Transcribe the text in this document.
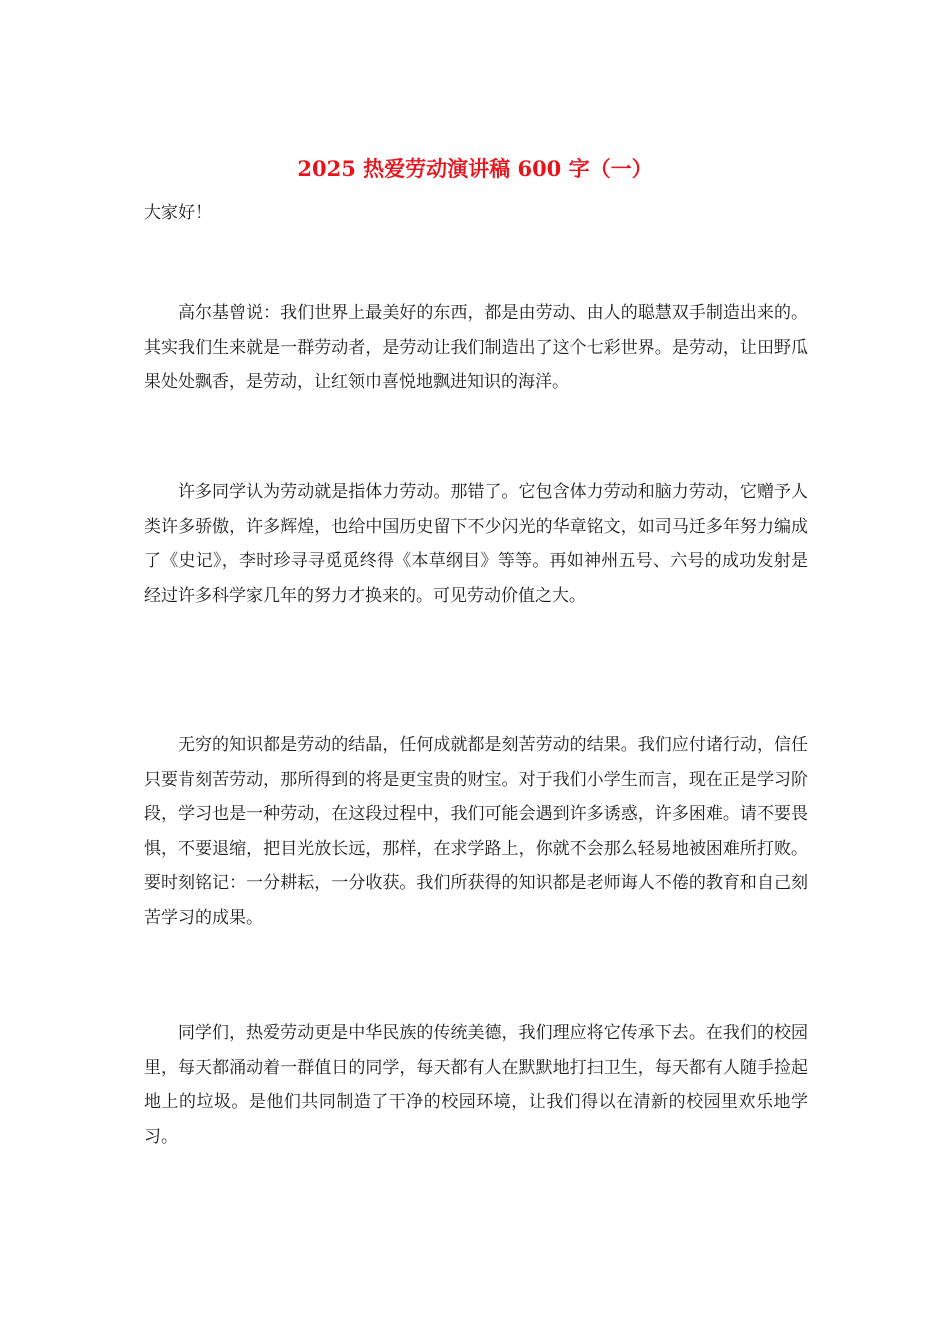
2025 热爱劳动演讲稿 600 字（一）

大家好！

高尔基曾说：我们世界上最美好的东西，都是由劳动、由人的聪慧双手制造出来的。其实我们生来就是一群劳动者，是劳动让我们制造出了这个七彩世界。是劳动，让田野瓜果处处飘香，是劳动，让红领巾喜悦地飘进知识的海洋。

许多同学认为劳动就是指体力劳动。那错了。它包含体力劳动和脑力劳动，它赠予人类许多骄傲，许多辉煌，也给中国历史留下不少闪光的华章铭文，如司马迁多年努力编成了《史记》，李时珍寻寻觅觅终得《本草纲目》等等。再如神州五号、六号的成功发射是经过许多科学家几年的努力才换来的。可见劳动价值之大。

无穷的知识都是劳动的结晶，任何成就都是刻苦劳动的结果。我们应付诸行动，信任只要肯刻苦劳动，那所得到的将是更宝贵的财宝。对于我们小学生而言，现在正是学习阶段，学习也是一种劳动，在这段过程中，我们可能会遇到许多诱惑，许多困难。请不要畏惧，不要退缩，把目光放长远，那样，在求学路上，你就不会那么轻易地被困难所打败。要时刻铭记：一分耕耘，一分收获。我们所获得的知识都是老师诲人不倦的教育和自己刻苦学习的成果。

同学们，热爱劳动更是中华民族的传统美德，我们理应将它传承下去。在我们的校园里，每天都涌动着一群值日的同学，每天都有人在默默地打扫卫生，每天都有人随手捡起地上的垃圾。是他们共同制造了干净的校园环境，让我们得以在清新的校园里欢乐地学习。
